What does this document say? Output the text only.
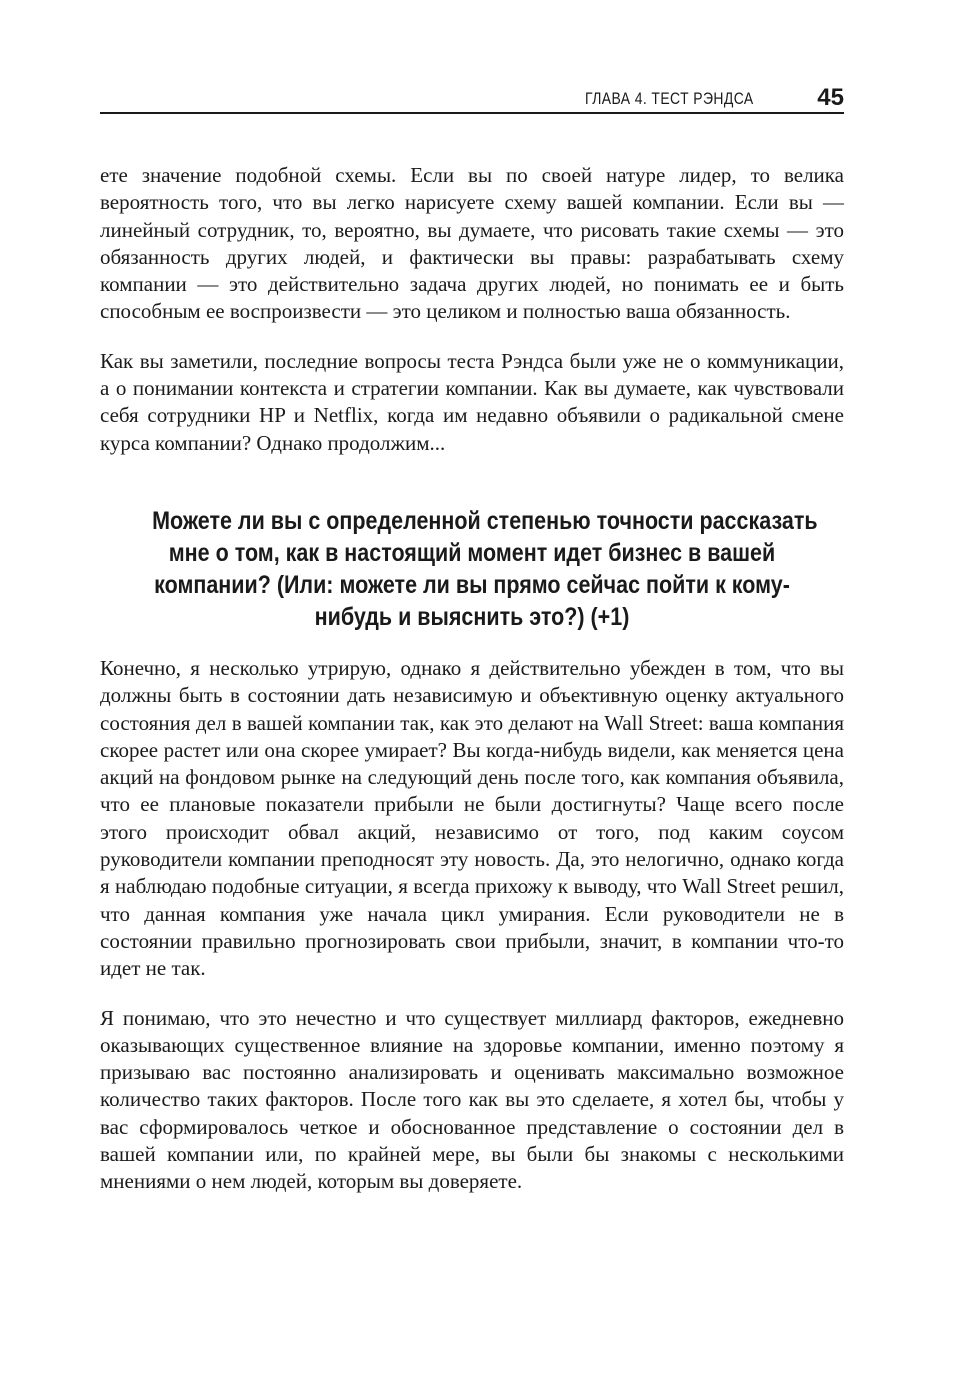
ГЛАВА 4. ТЕСТ РЭНДСА	45

ете значение подобной схемы. Если вы по своей натуре лидер, то велика вероятность того, что вы легко нарисуете схему вашей компании. Если вы — линейный сотрудник, то, вероятно, вы думаете, что рисовать такие схемы — это обязанность других людей, и фактически вы правы: разрабатывать схему компании — это действительно задача других людей, но понимать ее и быть способным ее воспроизвести — это целиком и полностью ваша обязанность.

Как вы заметили, последние вопросы теста Рэндса были уже не о коммуникации, а о понимании контекста и стратегии компании. Как вы думаете, как чувствовали себя сотрудники HP и Netflix, когда им недавно объявили о радикальной смене курса компании? Однако продолжим...

Можете ли вы с определенной степенью точности рассказать
мне о том, как в настоящий момент идет бизнес в вашей
компании? (Или: можете ли вы прямо сейчас пойти к кому-
нибудь и выяснить это?) (+1)

Конечно, я несколько утрирую, однако я действительно убежден в том, что вы должны быть в состоянии дать независимую и объективную оценку актуального состояния дел в вашей компании так, как это делают на Wall Street: ваша компания скорее растет или она скорее умирает? Вы когда-нибудь видели, как меняется цена акций на фондовом рынке на следующий день после того, как компания объявила, что ее плановые показатели прибыли не были достигнуты? Чаще всего после этого происходит обвал акций, независимо от того, под каким соусом руководители компании преподносят эту новость. Да, это нелогично, однако когда я наблюдаю подобные ситуации, я всегда прихожу к выводу, что Wall Street решил, что данная компания уже начала цикл умирания. Если руководители не в состоянии правильно прогнозировать свои прибыли, значит, в компании что-то идет не так.

Я понимаю, что это нечестно и что существует миллиард факторов, ежедневно оказывающих существенное влияние на здоровье компании, именно поэтому я призываю вас постоянно анализировать и оценивать максимально возможное количество таких факторов. После того как вы это сделаете, я хотел бы, чтобы у вас сформировалось четкое и обоснованное представление о состоянии дел в вашей компании или, по крайней мере, вы были бы знакомы с несколькими мнениями о нем людей, которым вы доверяете.
